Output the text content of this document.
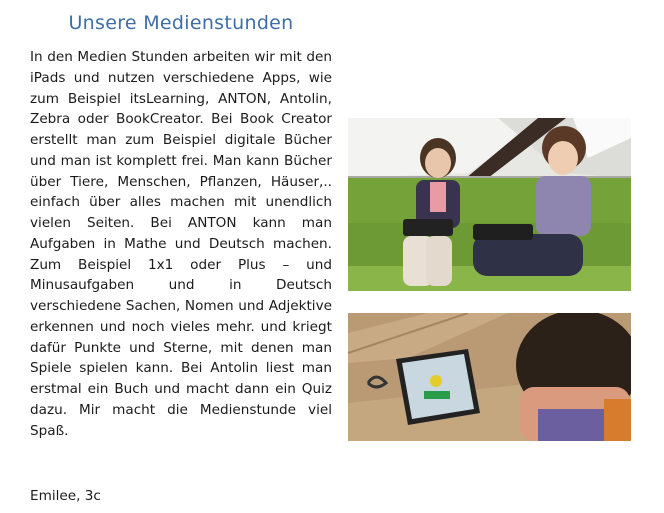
Unsere Medienstunden

In den Medien Stunden arbeiten wir mit den iPads und nutzen verschiedene Apps, wie zum Beispiel itsLearning, ANTON, Antolin, Zebra oder BookCreator. Bei Book Creator erstellt man zum Beispiel digitale Bücher und man ist komplett frei. Man kann Bücher über Tiere, Menschen, Pflanzen, Häuser,.. einfach über alles machen mit unendlich vielen Seiten. Bei ANTON kann man Aufgaben in Mathe und Deutsch machen. Zum Beispiel 1x1 oder Plus – und Minusaufgaben und in Deutsch verschiedene Sachen, Nomen und Adjektive erkennen und noch vieles mehr. und kriegt dafür Punkte und Sterne, mit denen man Spiele spielen kann. Bei Antolin liest man erstmal ein Buch und macht dann ein Quiz dazu. Mir macht die Medienstunde viel Spaß.

Emilee, 3c
